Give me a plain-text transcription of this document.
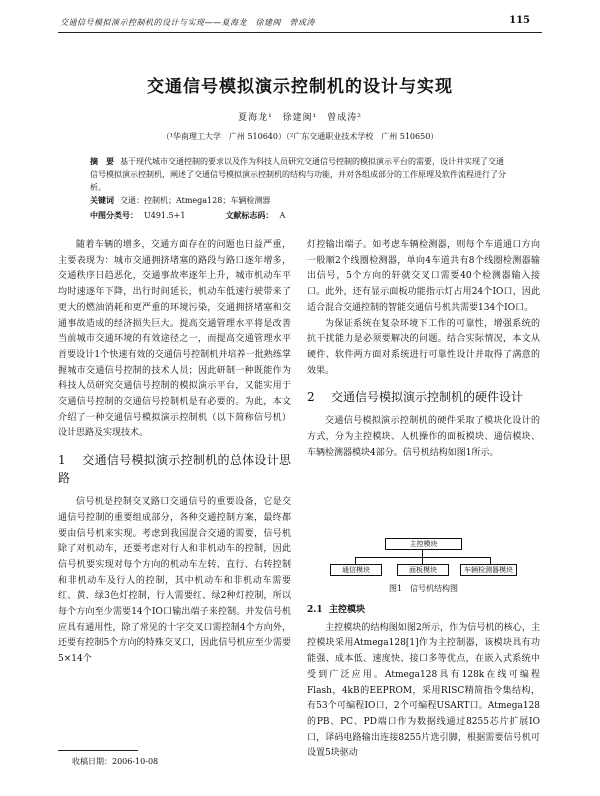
交通信号模拟演示控制机的设计与实现——夏海龙　徐建闽　曾成涛	115
交通信号模拟演示控制机的设计与实现
夏海龙¹　徐建闽¹　曾成涛²
（¹华南理工大学　广州 510640）（²广东交通职业技术学校　广州 510650）
摘　要 基于现代城市交通控制的要求以及作为科技人员研究交通信号控制的模拟演示平台的需要，设计并实现了交通信号模拟演示控制机，阐述了交通信号模拟演示控制机的结构与功能，并对各组成部分的工作原理及软件流程进行了分析。
关键词 交通：控制机；Atmega128；车辆检测器
中图分类号： U491.5+1	文献标志码： A

随着车辆的增多，交通方面存在的问题也日益严重，主要表现为：城市交通拥挤堵塞的路段与路口逐年增多，交通秩序日趋恶化，交通事故率逐年上升，城市机动车平均时速逐年下降，出行时间延长，机动车低速行驶带来了更大的燃油消耗和更严重的环境污染，交通拥挤堵塞和交通事故造成的经济损失巨大。提高交通管理水平将是改善当前城市交通环境的有效途径之一，而提高交通管理水平首要设计1个快速有效的交通信号控制机并培养一批熟练掌握城市交通信号控制的技术人员；因此研制一种既能作为科技人员研究交通信号控制的模拟演示平台，又能实用于交通信号控制的交通信号控制机是有必要的。为此，本文介绍了一种交通信号模拟演示控制机（以下简称信号机）设计思路及实现技术。

1 交通信号模拟演示控制机的总体设计思路

信号机是控制交叉路口交通信号的重要设备，它是交通信号控制的重要组成部分，各种交通控制方案，最终都要由信号机来实现。考虑到我国混合交通的需要，信号机除了对机动车，还要考虑对行人和非机动车的控制，因此信号机要实现对每个方向的机动车左转、直行、右转控制和非机动车及行人的控制，其中机动车和非机动车需要红、黄、绿3色灯控制，行人需要红、绿2种灯控制，所以每个方向至少需要14个IO口输出端子来控制。并发信号机应具有通用性，除了常见的十字交叉口需控制4个方向外，还要有控制5个方向的特殊交叉口，因此信号机应至少需要5×14个

灯控输出端子。如考虑车辆检测器，则每个车道通口方向一般顺2个线圈检测器，单向4车道共有8个线圈检测器输出信号，5个方向的轩就交叉口需要40个检测器输入接口。此外，还有显示面板功能指示灯占用24个IO口，因此适合混合交通控制的智能交通信号机共需要134个IO口。

为保证系统在复杂环境下工作的可靠性，增强系统的抗干扰能力是必须要解决的问题。结合实际情况，本文从硬件、软件两方面对系统进行可靠性设计并取得了满意的效果。

2 交通信号模拟演示控制机的硬件设计

交通信号模拟演示控制机的硬件采取了模块化设计的方式，分为主控模块、人机操作的面板模块、通信模块、车辆检测器模块4部分。信号机结构如图1所示。

主控模块
通信模块	面板模块	车辆检测器模块
图1　信号机结构图
2.1 主控模块

主控模块的结构图如图2所示，作为信号机的核心，主控模块采用Atmega128[1]作为主控制器，该模块具有功能强、成本低、速度快、接口多等优点，在嵌入式系统中受到广泛应用。Atmega128具有128k在线可编程Flash，4kB的EEPROM，采用RISC精简指令集结构，有53个可编程IO口，2个可编程USART口。Atmega128的PB、PC、PD端口作为数据线通过8255芯片扩展IO口，译码电路输出连接8255片选引脚，根据需要信号机可设置5块驱动

收稿日期：2006-10-08
